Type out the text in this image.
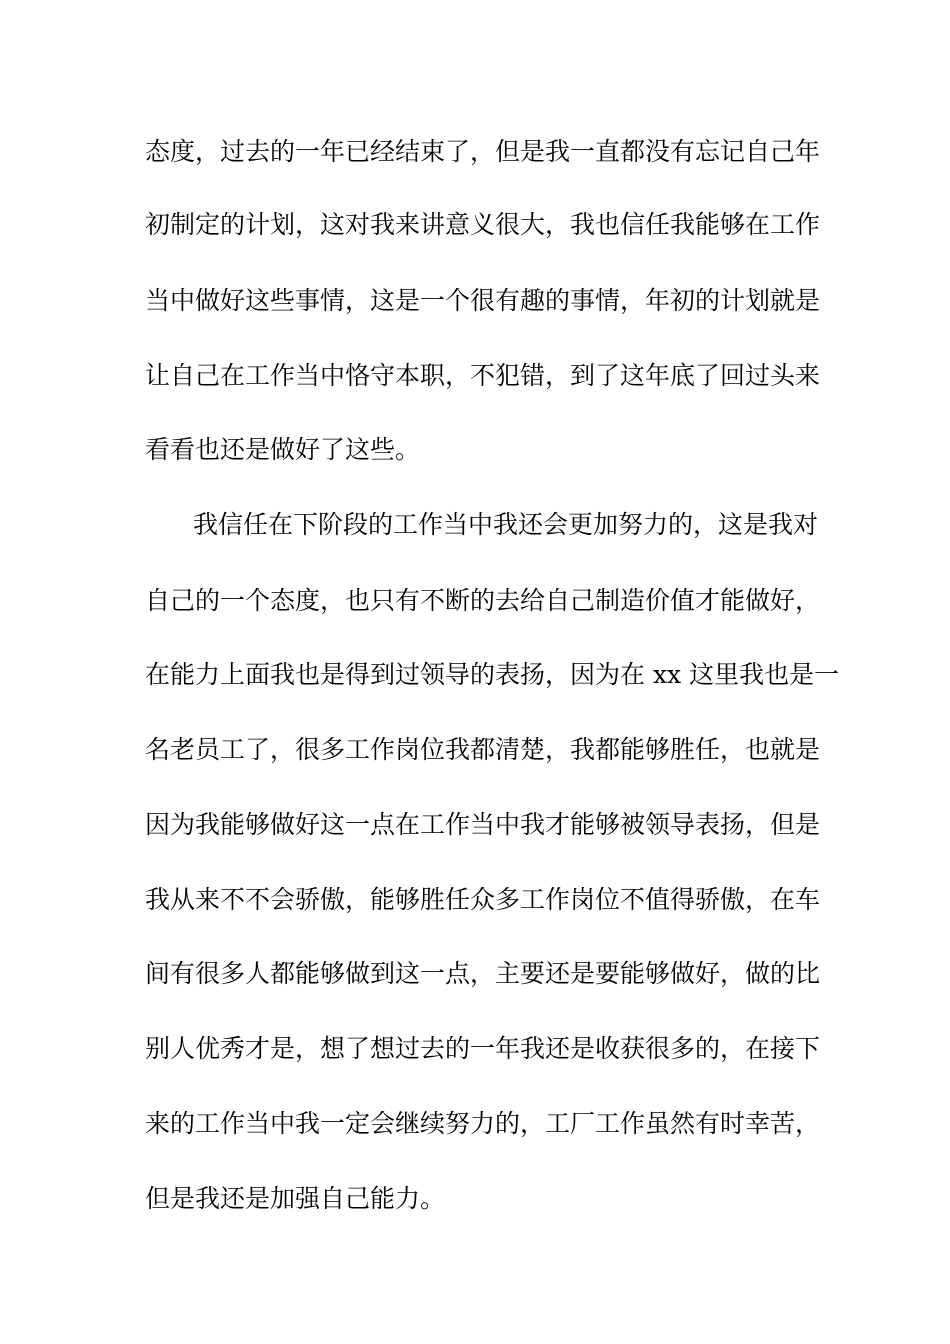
态度，过去的一年已经结束了，但是我一直都没有忘记自己年

初制定的计划，这对我来讲意义很大，我也信任我能够在工作

当中做好这些事情，这是一个很有趣的事情，年初的计划就是

让自己在工作当中恪守本职，不犯错，到了这年底了回过头来

看看也还是做好了这些。

我信任在下阶段的工作当中我还会更加努力的，这是我对

自己的一个态度，也只有不断的去给自己制造价值才能做好，

在能力上面我也是得到过领导的表扬，因为在 xx 这里我也是一

名老员工了，很多工作岗位我都清楚，我都能够胜任，也就是

因为我能够做好这一点在工作当中我才能够被领导表扬，但是

我从来不不会骄傲，能够胜任众多工作岗位不值得骄傲，在车

间有很多人都能够做到这一点，主要还是要能够做好，做的比

别人优秀才是，想了想过去的一年我还是收获很多的，在接下

来的工作当中我一定会继续努力的，工厂工作虽然有时幸苦，

但是我还是加强自己能力。
